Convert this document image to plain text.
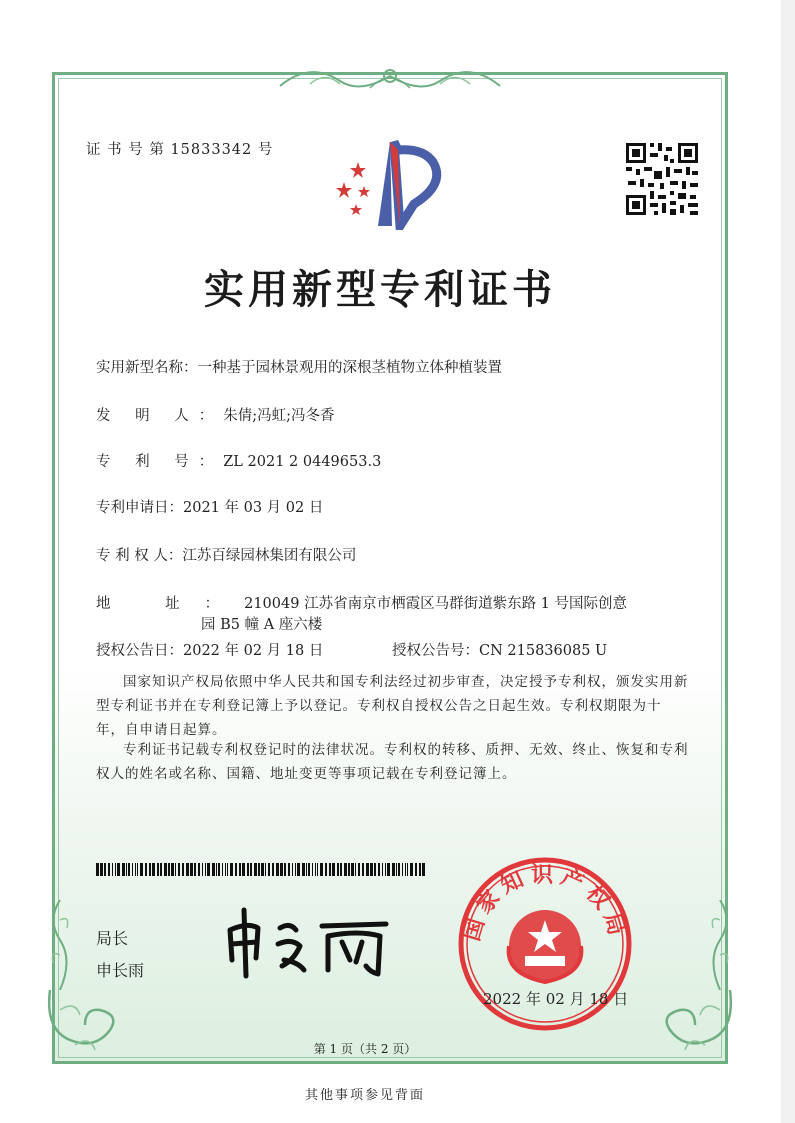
证 书 号 第 15833342 号
实用新型专利证书
实用新型名称：一种基于园林景观用的深根茎植物立体种植装置
发 明 人：朱倩;冯虹;冯冬香
专 利 号：ZL 2021 2 0449653.3
专利申请日：2021 年 03 月 02 日
专 利 权 人：江苏百绿园林集团有限公司
地 址：210049 江苏省南京市栖霞区马群街道紫东路 1 号国际创意
园 B5 幢 A 座六楼
授权公告日：2022 年 02 月 18 日	授权公告号：CN 215836085 U
国家知识产权局依照中华人民共和国专利法经过初步审查，决定授予专利权，颁发实用新型专利证书并在专利登记簿上予以登记。专利权自授权公告之日起生效。专利权期限为十年，自申请日起算。
专利证书记载专利权登记时的法律状况。专利权的转移、质押、无效、终止、恢复和专利权人的姓名或名称、国籍、地址变更等事项记载在专利登记簿上。
局长
申长雨
国家知识产权局
2022 年 02 月 18 日
第 1 页（共 2 页）
其他事项参见背面
